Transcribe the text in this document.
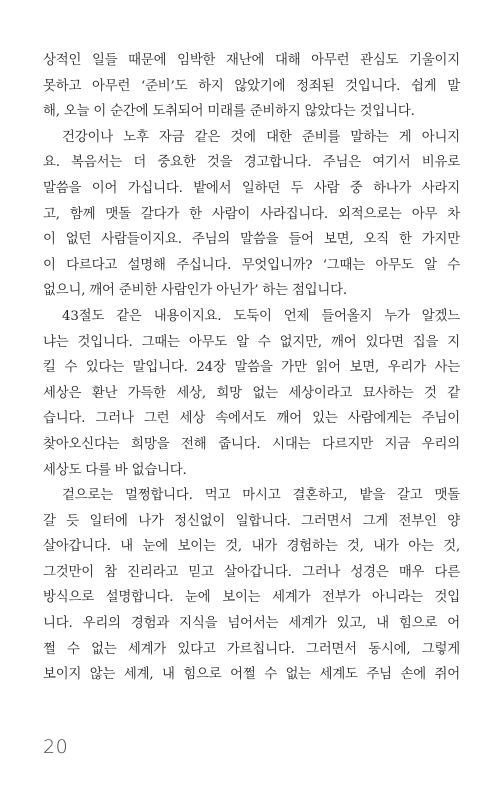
상적인 일들 때문에 임박한 재난에 대해 아무런 관심도 기울이지
못하고 아무런 ‘준비’도 하지 않았기에 정죄된 것입니다. 쉽게 말
해, 오늘 이 순간에 도취되어 미래를 준비하지 않았다는 것입니다.
건강이나 노후 자금 같은 것에 대한 준비를 말하는 게 아니지
요. 복음서는 더 중요한 것을 경고합니다. 주님은 여기서 비유로
말씀을 이어 가십니다. 밭에서 일하던 두 사람 중 하나가 사라지
고, 함께 맷돌 갈다가 한 사람이 사라집니다. 외적으로는 아무 차
이 없던 사람들이지요. 주님의 말씀을 들어 보면, 오직 한 가지만
이 다르다고 설명해 주십니다. 무엇입니까? ‘그때는 아무도 알 수
없으니, 깨어 준비한 사람인가 아닌가’ 하는 점입니다.
43절도 같은 내용이지요. 도둑이 언제 들어올지 누가 알겠느
냐는 것입니다. 그때는 아무도 알 수 없지만, 깨어 있다면 집을 지
킬 수 있다는 말입니다. 24장 말씀을 가만 읽어 보면, 우리가 사는
세상은 환난 가득한 세상, 희망 없는 세상이라고 묘사하는 것 같
습니다. 그러나 그런 세상 속에서도 깨어 있는 사람에게는 주님이
찾아오신다는 희망을 전해 줍니다. 시대는 다르지만 지금 우리의
세상도 다를 바 없습니다.
겉으로는 멀쩡합니다. 먹고 마시고 결혼하고, 밭을 갈고 맷돌
갈 듯 일터에 나가 정신없이 일합니다. 그러면서 그게 전부인 양
살아갑니다. 내 눈에 보이는 것, 내가 경험하는 것, 내가 아는 것,
그것만이 참 진리라고 믿고 살아갑니다. 그러나 성경은 매우 다른
방식으로 설명합니다. 눈에 보이는 세계가 전부가 아니라는 것입
니다. 우리의 경험과 지식을 넘어서는 세계가 있고, 내 힘으로 어
쩔 수 없는 세계가 있다고 가르칩니다. 그러면서 동시에, 그렇게
보이지 않는 세계, 내 힘으로 어쩔 수 없는 세계도 주님 손에 쥐어
20
